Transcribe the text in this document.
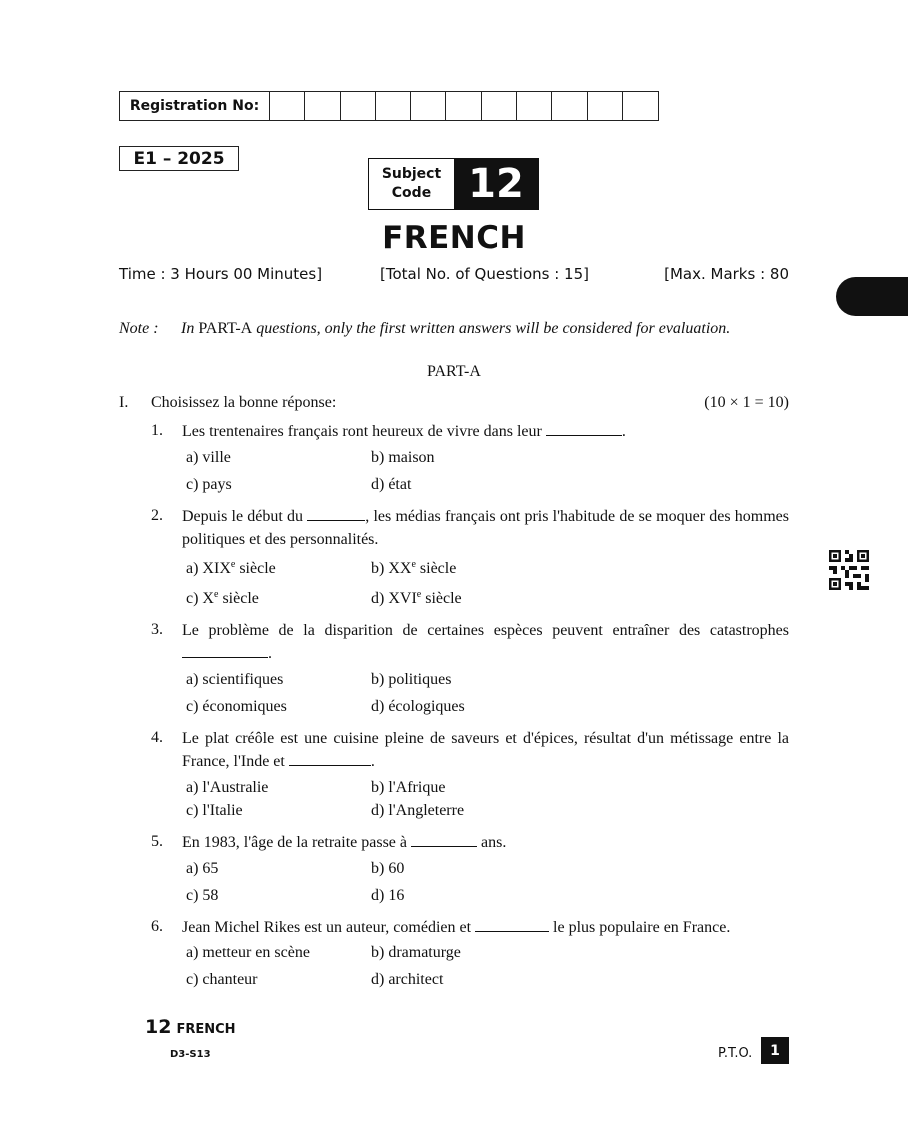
Registration No:
E1 – 2025
Subject
Code 12
FRENCH
Time : 3 Hours 00 Minutes]	[Total No. of Questions : 15]	[Max. Marks : 80
Note : In PART-A questions, only the first written answers will be considered for evaluation.
PART-A
I. Choisissez la bonne réponse:	(10 × 1 = 10)
1. Les trentenaires français ront heureux de vivre dans leur	.
a) ville	b) maison
c) pays	d) état
2. Depuis le début du	, les médias français ont pris l'habitude de se moquer des hommes politiques et des personnalités.
a) XIXe siècle	b) XXe siècle
c) Xe siècle	d) XVIe siècle
3. Le problème de la disparition de certaines espèces peuvent entraîner des catastrophes .
a) scientifiques	b) politiques
c) économiques	d) écologiques
4. Le plat créôle est une cuisine pleine de saveurs et d'épices, résultat d'un métissage entre la France, l'Inde et	.
a) l'Australie	b) l'Afrique
c) l'Italie	d) l'Angleterre
5. En 1983, l'âge de la retraite passe à	ans.
a) 65	b) 60
c) 58	d) 16
6. Jean Michel Rikes est un auteur, comédien et	le plus populaire en France.
a) metteur en scène	b) dramaturge
c) chanteur	d) architect
12 FRENCH
D3-S13	P.T.O.	1
